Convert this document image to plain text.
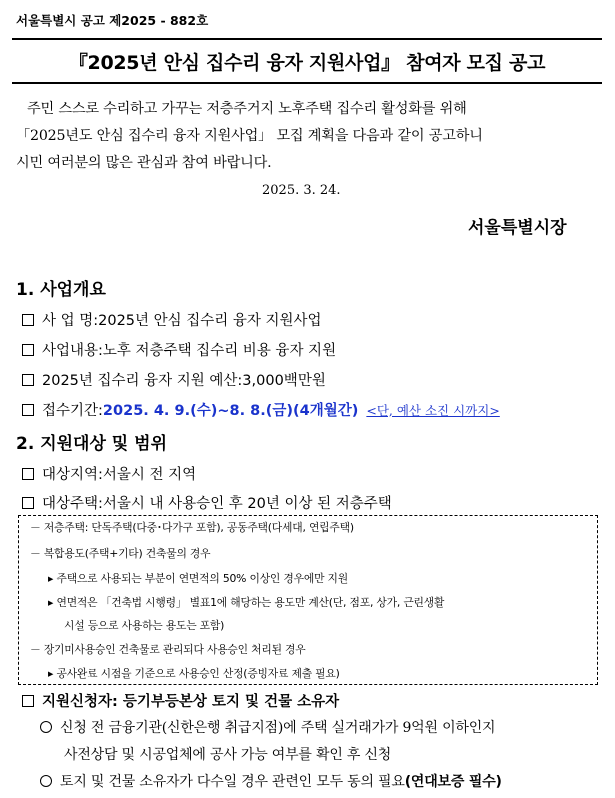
서울특별시 공고 제2025 - 882호
『2025년 안심 집수리 융자 지원사업』 참여자 모집 공고
주민 스스로 수리하고 가꾸는 저층주거지 노후주택 집수리 활성화를 위해
「2025년도 안심 집수리 융자 지원사업」 모집 계획을 다음과 같이 공고하니
시민 여러분의 많은 관심과 참여 바랍니다.
2025. 3. 24.
서울특별시장
1. 사업개요
사 업 명: 2025년 안심 집수리 융자 지원사업
사업내용: 노후 저층주택 집수리 비용 융자 지원
2025년 집수리 융자 지원 예산: 3,000백만원
접수기간: 2025. 4. 9.(수)~8. 8.(금)(4개월간) <단, 예산 소진 시까지>
2. 지원대상 및 범위
대상지역: 서울시 전 지역
대상주택: 서울시 내 사용승인 후 20년 이상 된 저층주택
－ 저층주택: 단독주택(다중･다가구 포함), 공동주택(다세대, 연립주택)
－ 복합용도(주택+기타) 건축물의 경우
▸ 주택으로 사용되는 부분이 연면적의 50% 이상인 경우에만 지원
▸ 연면적은 「건축법 시행령」 별표1에 해당하는 용도만 계산(단, 점포, 상가, 근린생활
시설 등으로 사용하는 용도는 포함)
－ 장기미사용승인 건축물로 관리되다 사용승인 처리된 경우
▸ 공사완료 시점을 기준으로 사용승인 산정(증빙자료 제출 필요)
지원신청자: 등기부등본상 토지 및 건물 소유자
신청 전 금융기관(신한은행 취급지점)에 주택 실거래가가 9억원 이하인지
사전상담 및 시공업체에 공사 가능 여부를 확인 후 신청
토지 및 건물 소유자가 다수일 경우 관련인 모두 동의 필요(연대보증 필수)
